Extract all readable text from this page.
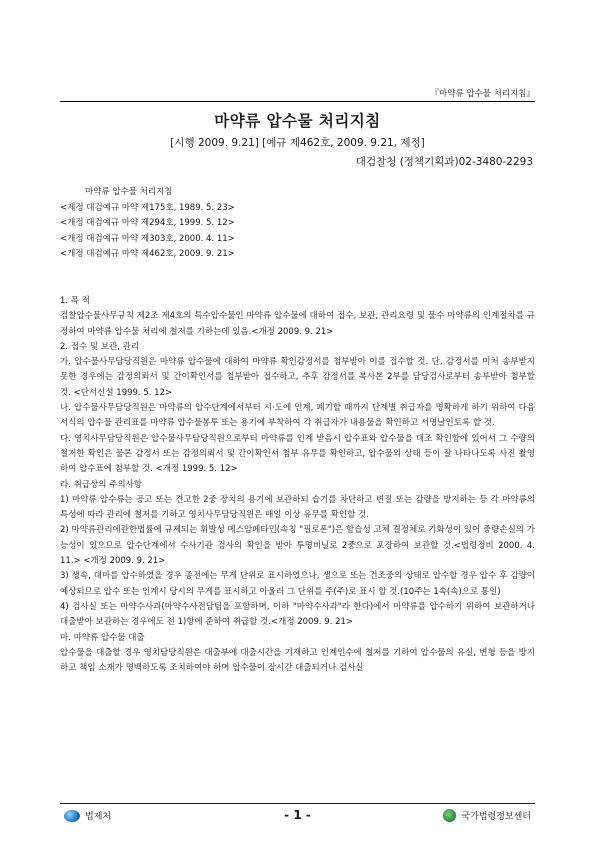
『마약류 압수물 처리지침』
마약류 압수물 처리지침
[시행 2009. 9.21] [예규 제462호, 2009. 9.21, 제정]
대검찰청 (정책기획과)02-3480-2293
마약류 압수물 처리지침
<제정 대검예규 마약 제175호, 1989. 5. 23>
<개정 대검예규 마약 제294호, 1999. 5. 12>
<개정 대검예규 마약 제303호, 2000. 4. 11>
<개정 대검예규 마약 제462호, 2009. 9. 21>

1. 목 적

검찰압수물사무규칙 제2조 제4호의 특수압수물인 마약류 압수물에 대하여 접수, 보관, 관리요령 및 물수 마약류의 인계절차를 규정하여 마약류 압수물 처리에 철저를 기하는데 있음.<개정 2009. 9. 21>

2. 접수 및 보관, 관리

가. 압수물사무담당직원은 마약류 압수물에 대하여 마약류 확인감정서를 첨부받아 이를 접수할 것. 단, 감정서를 미처 송부받지 못한 경우에는 감정의뢰서 및 간이확인서를 첨부받아 접수하고, 추후 감정서를 복사본 2부를 담당검사로부터 송부받아 첨부할 것. <단서신설 1999. 5. 12>

나. 압수물사무담당직원은 마약류의 압수단계에서부터 시·도에 인계, 폐기할 때까지 단계별 취급자를 명확하게 하기 위하여 다음 서식의 압수물 관리표를 마약류 압수물봉투 또는 용기에 부착하여 각 취급자가 내용물을 확인하고 서명날인토록 할 것.

다. 영치사무담당직원은 압수물사무담당직원으로부터 마약류를 인계 받음시 압수표와 압수물을 대조 확인함에 있어서 그 수량의 철저한 확인은 물론 감정서 또는 감정의뢰서 및 간이확인서 첨부 유무를 확인하고, 압수물의 상태 등이 잘 나타나도록 사진 촬영하여 압수표에 첨부할 것. <개정 1999. 5. 12>

라. 취급상의 주의사항

1) 마약류 압수류는 공고 또는 견고한 2중 장치의 용기에 보관하되 습기를 차단하고 변질 또는 감량을 방지하는 등 각 마약류의 특성에 따라 관리에 철저를 기하고 영치사무담당직원은 매일 이상 유무를 확인할 것.

2) 마약류관리에관한법률에 규제되는 휘발성 메스암페타민(속칭 "필로폰")은 함습성 고체 결정체로 기화성이 있어 중량손실의 가능성이 있으므로 압수단계에서 수사기관 검사의 확인을 받아 투명비닐로 2중으로 포장하여 보관할 것.<법령정비 2000. 4. 11.> <개정 2009. 9. 21>

3) 생속, 대마를 압수하였을 경우 종전에는 무게 단위로 표시하였으나, 생으로 또는 건조중의 상태로 압수할 경우 압수 후 감량이 예상되므로 압수 또는 인계시 당시의 무게를 표시하고 아울러 그 단위를 주(주)로 표시 할 것.(10주는 1속(속)으로 통일)

4) 검사실 또는 마약수사과(마약수사전담팀을 포함하며, 이하 "마약수사과"라 한다)에서 마약류를 압수하기 위하여 보관하거나 대출받아 보관하는 경우에도 전 1)항에 준하여 취급할 것.<개정 2009. 9. 21>

마. 마약류 압수물 대출

압수물을 대출할 경우 영치담당직원은 대출부에 대출시간을 기재하고 인계인수에 철저를 기하여 압수물의 유실, 변형 등을 방지하고 책임 소재가 명백하도록 조치하여야 하며 압수물이 장시간 대출되거나 검사실

법제처	- 1 -	국가법령정보센터
